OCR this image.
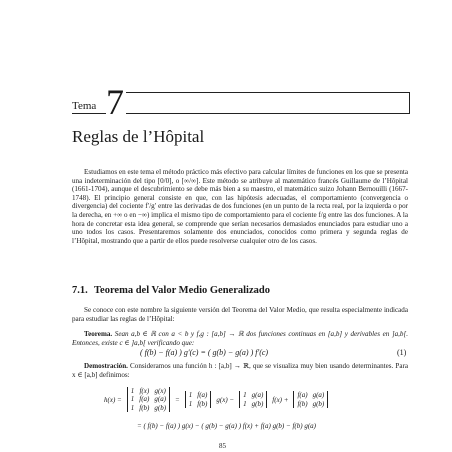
Tema 7
Reglas de l’Hôpital

Estudiamos en este tema el método práctico más efectivo para calcular límites de funciones en los que se presenta una indeterminación del tipo [0/0], o [∞/∞]. Este método se atribuye al matemático francés Guillaume de l’Hôpital (1661-1704), aunque el descubrimiento se debe más bien a su maestro, el matemático suizo Johann Bernouilli (1667-1748). El principio general consiste en que, con las hipótesis adecuadas, el comportamiento (convergencia o divergencia) del cociente f′/g′ entre las derivadas de dos funciones (en un punto de la recta real, por la izquierda o por la derecha, en +∞ o en −∞) implica el mismo tipo de comportamiento para el cociente f/g entre las dos funciones. A la hora de concretar esta idea general, se comprende que serían necesarios demasiados enunciados para estudiar uno a uno todos los casos. Presentaremos solamente dos enunciados, conocidos como primera y segunda reglas de l’Hôpital, mostrando que a partir de ellos puede resolverse cualquier otro de los casos.

7.1. Teorema del Valor Medio Generalizado

Se conoce con este nombre la siguiente versión del Teorema del Valor Medio, que resulta especialmente indicada para estudiar las reglas de l’Hôpital:

Teorema. Sean a,b ∈ ℝ con a < b y f,g : [a,b] → ℝ dos funciones continuas en [a,b] y derivables en ]a,b[. Entonces, existe c ∈ ]a,b[ verificando que:

( f(b) − f(a) ) g′(c) = ( g(b) − g(a) ) f′(c)	(1)

Demostración. Consideramos una función h : [a,b] → ℝ, que se visualiza muy bien usando determinantes. Para x ∈ [a,b] definimos:

h(x) =
1 f(x) g(x)
1 f(a) g(a)
1 f(b) g(b)
=
1 f(a)
1 f(b) g(x) −
1 g(a)
1 g(b) f(x) +
f(a) g(a)
f(b) g(b)
= ( f(b) − f(a) ) g(x) − ( g(b) − g(a) ) f(x) + f(a) g(b) − f(b) g(a)
85
